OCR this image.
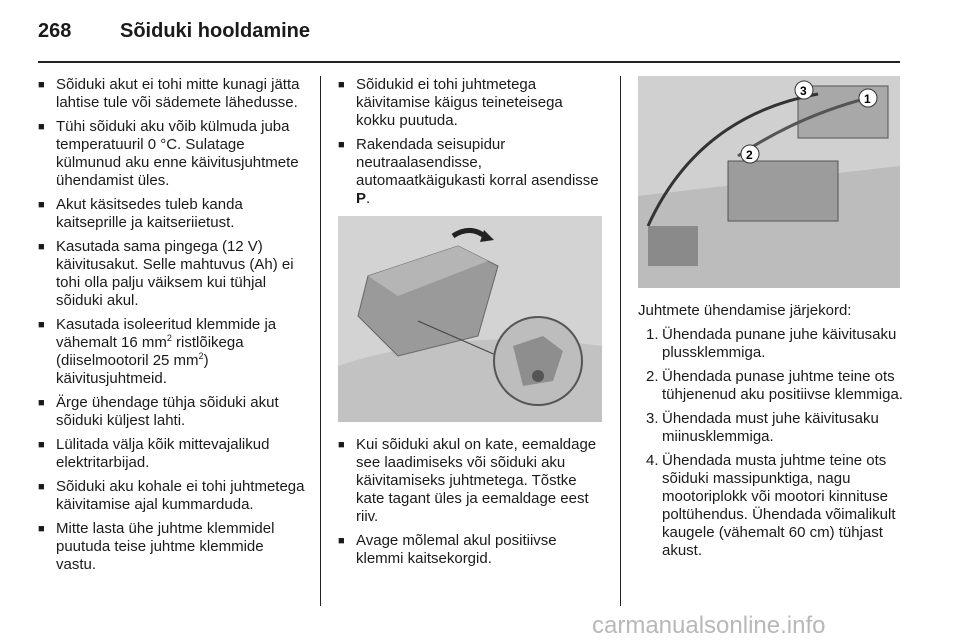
268 Sõiduki hooldamine
■ Sõiduki akut ei tohi mitte kunagi jätta lahtise tule või sädemete lähedusse.
■ Tühi sõiduki aku võib külmuda juba temperatuuril 0 °C. Sulatage külmunud aku enne käivitusjuhtmete ühendamist üles.
■ Akut käsitsedes tuleb kanda kaitseprille ja kaitseriietust.
■ Kasutada sama pingega (12 V) käivitusakut. Selle mahtuvus (Ah) ei tohi olla palju väiksem kui tühjal sõiduki akul.
■ Kasutada isoleeritud klemmide ja vähemalt 16 $mm^2$ ristlõikega (diiselmootoril 25 $mm^2$) käivitusjuhtmeid.
■ Ärge ühendage tühja sõiduki akut sõiduki küljest lahti.
■ Lülitada välja kõik mittevajalikud elektritarbijad.
■ Sõiduki aku kohale ei tohi juhtmetega käivitamise ajal kummarduda.
■ Mitte lasta ühe juhtme klemmidel puutuda teise juhtme klemmide vastu.
■ Sõidukid ei tohi juhtmetega käivitamise käigus teineteisega kokku puutuda.
■ Rakendada seisupidur neutraalasendisse, automaatkäigukasti korral asendisse P.
■ Kui sõiduki akul on kate, eemaldage see laadimiseks või sõiduki aku käivitamiseks juhtmetega. Tõstke kate tagant üles ja eemaldage eest riiv.
■ Avage mõlemal akul positiivse klemmi kaitsekorgid.
1
2
3
Juhtmete ühendamise järjekord:
1. Ühendada punane juhe käivitusaku plussklemmiga.
2. Ühendada punase juhtme teine ots tühjenenud aku positiivse klemmiga.
3. Ühendada must juhe käivitusaku miinusklemmiga.
4. Ühendada musta juhtme teine ots sõiduki massipunktiga, nagu mootoriplokk või mootori kinnituse poltühendus. Ühendada võimalikult kaugele (vähemalt 60 cm) tühjast akust.
carmanualsonline.info
